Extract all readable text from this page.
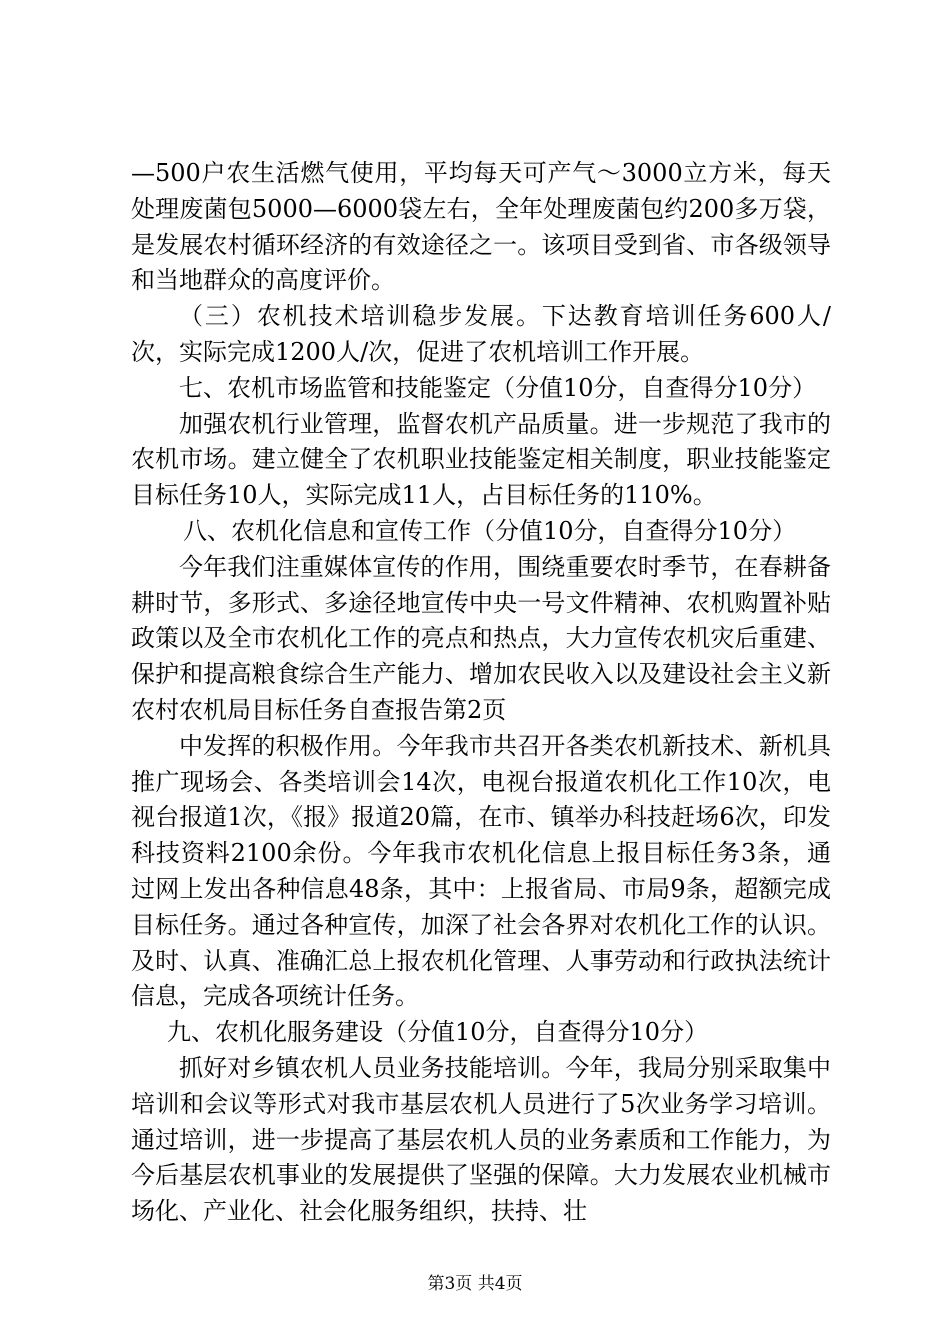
—500户农生活燃气使用，平均每天可产气～3000立方米，每天处理废菌包5000—6000袋左右，全年处理废菌包约200多万袋，是发展农村循环经济的有效途径之一。该项目受到省、市各级领导和当地群众的高度评价。

（三）农机技术培训稳步发展。下达教育培训任务600人/次，实际完成1200人/次，促进了农机培训工作开展。

七、农机市场监管和技能鉴定（分值10分，自查得分10分）

加强农机行业管理，监督农机产品质量。进一步规范了我市的农机市场。建立健全了农机职业技能鉴定相关制度，职业技能鉴定目标任务10人，实际完成11人，占目标任务的110%。

八、农机化信息和宣传工作（分值10分，自查得分10分）

今年我们注重媒体宣传的作用，围绕重要农时季节，在春耕备耕时节，多形式、多途径地宣传中央一号文件精神、农机购置补贴政策以及全市农机化工作的亮点和热点，大力宣传农机灾后重建、保护和提高粮食综合生产能力、增加农民收入以及建设社会主义新农村农机局目标任务自查报告第2页

中发挥的积极作用。今年我市共召开各类农机新技术、新机具推广现场会、各类培训会14次，电视台报道农机化工作10次，电视台报道1次，《报》报道20篇，在市、镇举办科技赶场6次，印发科技资料2100余份。今年我市农机化信息上报目标任务3条，通过网上发出各种信息48条，其中：上报省局、市局9条，超额完成目标任务。通过各种宣传，加深了社会各界对农机化工作的认识。及时、认真、准确汇总上报农机化管理、人事劳动和行政执法统计信息，完成各项统计任务。

九、农机化服务建设（分值10分，自查得分10分）

抓好对乡镇农机人员业务技能培训。今年，我局分别采取集中培训和会议等形式对我市基层农机人员进行了5次业务学习培训。通过培训，进一步提高了基层农机人员的业务素质和工作能力，为今后基层农机事业的发展提供了坚强的保障。大力发展农业机械市场化、产业化、社会化服务组织，扶持、壮

第3页 共4页
